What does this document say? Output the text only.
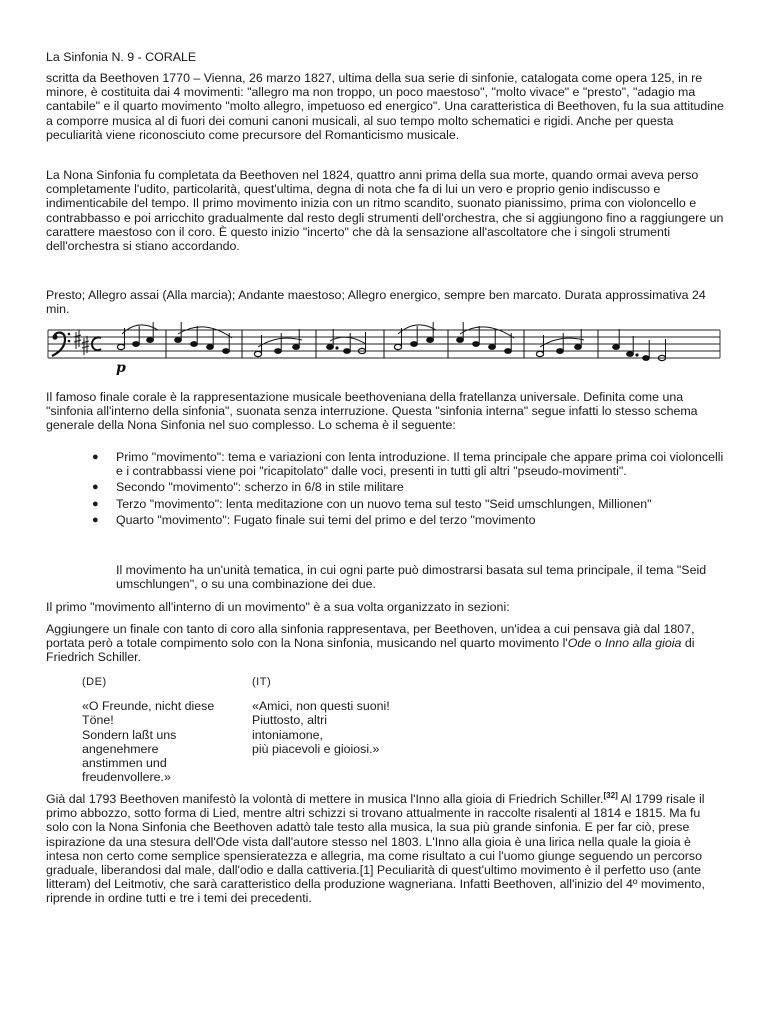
La Sinfonia N. 9 - CORALE

scritta da Beethoven 1770 – Vienna, 26 marzo 1827, ultima della sua serie di sinfonie, catalogata come opera 125, in re minore, è costituita dai 4 movimenti: "allegro ma non troppo, un poco maestoso", "molto vivace" e "presto", "adagio ma cantabile" e il quarto movimento "molto allegro, impetuoso ed energico". Una caratteristica di Beethoven, fu la sua attitudine a comporre musica al di fuori dei comuni canoni musicali, al suo tempo molto schematici e rigidi. Anche per questa peculiarità viene riconosciuto come precursore del Romanticismo musicale.

La Nona Sinfonia fu completata da Beethoven nel 1824, quattro anni prima della sua morte, quando ormai aveva perso completamente l'udito, particolarità, quest'ultima, degna di nota che fa di lui un vero e proprio genio indiscusso e indimenticabile del tempo. Il primo movimento inizia con un ritmo scandito, suonato pianissimo, prima con violoncello e contrabbasso e poi arricchito gradualmente dal resto degli strumenti dell'orchestra, che si aggiungono fino a raggiungere un carattere maestoso con il coro. È questo inizio "incerto" che dà la sensazione all'ascoltatore che i singoli strumenti dell'orchestra si stiano accordando.

Presto; Allegro assai (Alla marcia); Andante maestoso; Allegro energico, sempre ben marcato. Durata approssimativa 24 min.

p

Il famoso finale corale è la rappresentazione musicale beethoveniana della fratellanza universale. Definita come una "sinfonia all'interno della sinfonia", suonata senza interruzione. Questa "sinfonia interna" segue infatti lo stesso schema generale della Nona Sinfonia nel suo complesso. Lo schema è il seguente:

● Primo "movimento": tema e variazioni con lenta introduzione. Il tema principale che appare prima coi violoncelli e i contrabbassi viene poi "ricapitolato" dalle voci, presenti in tutti gli altri "pseudo-movimenti".
● Secondo "movimento": scherzo in 6/8 in stile militare
● Terzo "movimento": lenta meditazione con un nuovo tema sul testo "Seid umschlungen, Millionen"
● Quarto "movimento": Fugato finale sui temi del primo e del terzo "movimento

Il movimento ha un'unità tematica, in cui ogni parte può dimostrarsi basata sul tema principale, il tema "Seid umschlungen", o su una combinazione dei due.

Il primo "movimento all'interno di un movimento" è a sua volta organizzato in sezioni:

Aggiungere un finale con tanto di coro alla sinfonia rappresentava, per Beethoven, un'idea a cui pensava già dal 1807, portata però a totale compimento solo con la Nona sinfonia, musicando nel quarto movimento l'Ode o Inno alla gioia di Friedrich Schiller.

(DE)
«O Freunde, nicht diese
Töne!
Sondern laßt uns
angenehmere
anstimmen und
freudenvollere.»
(IT)
«Amici, non questi suoni!
Piuttosto, altri
intoniamone,
più piacevoli e gioiosi.»

Già dal 1793 Beethoven manifestò la volontà di mettere in musica l'Inno alla gioia di Friedrich Schiller.[32] Al 1799 risale il primo abbozzo, sotto forma di Lied, mentre altri schizzi si trovano attualmente in raccolte risalenti al 1814 e 1815. Ma fu solo con la Nona Sinfonia che Beethoven adattò tale testo alla musica, la sua più grande sinfonia. E per far ciò, prese ispirazione da una stesura dell'Ode vista dall'autore stesso nel 1803. L'Inno alla gioia è una lirica nella quale la gioia è intesa non certo come semplice spensieratezza e allegria, ma come risultato a cui l'uomo giunge seguendo un percorso graduale, liberandosi dal male, dall'odio e dalla cattiveria.[1] Peculiarità di quest'ultimo movimento è il perfetto uso (ante litteram) del Leitmotiv, che sarà caratteristico della produzione wagneriana. Infatti Beethoven, all'inizio del 4º movimento, riprende in ordine tutti e tre i temi dei precedenti.
